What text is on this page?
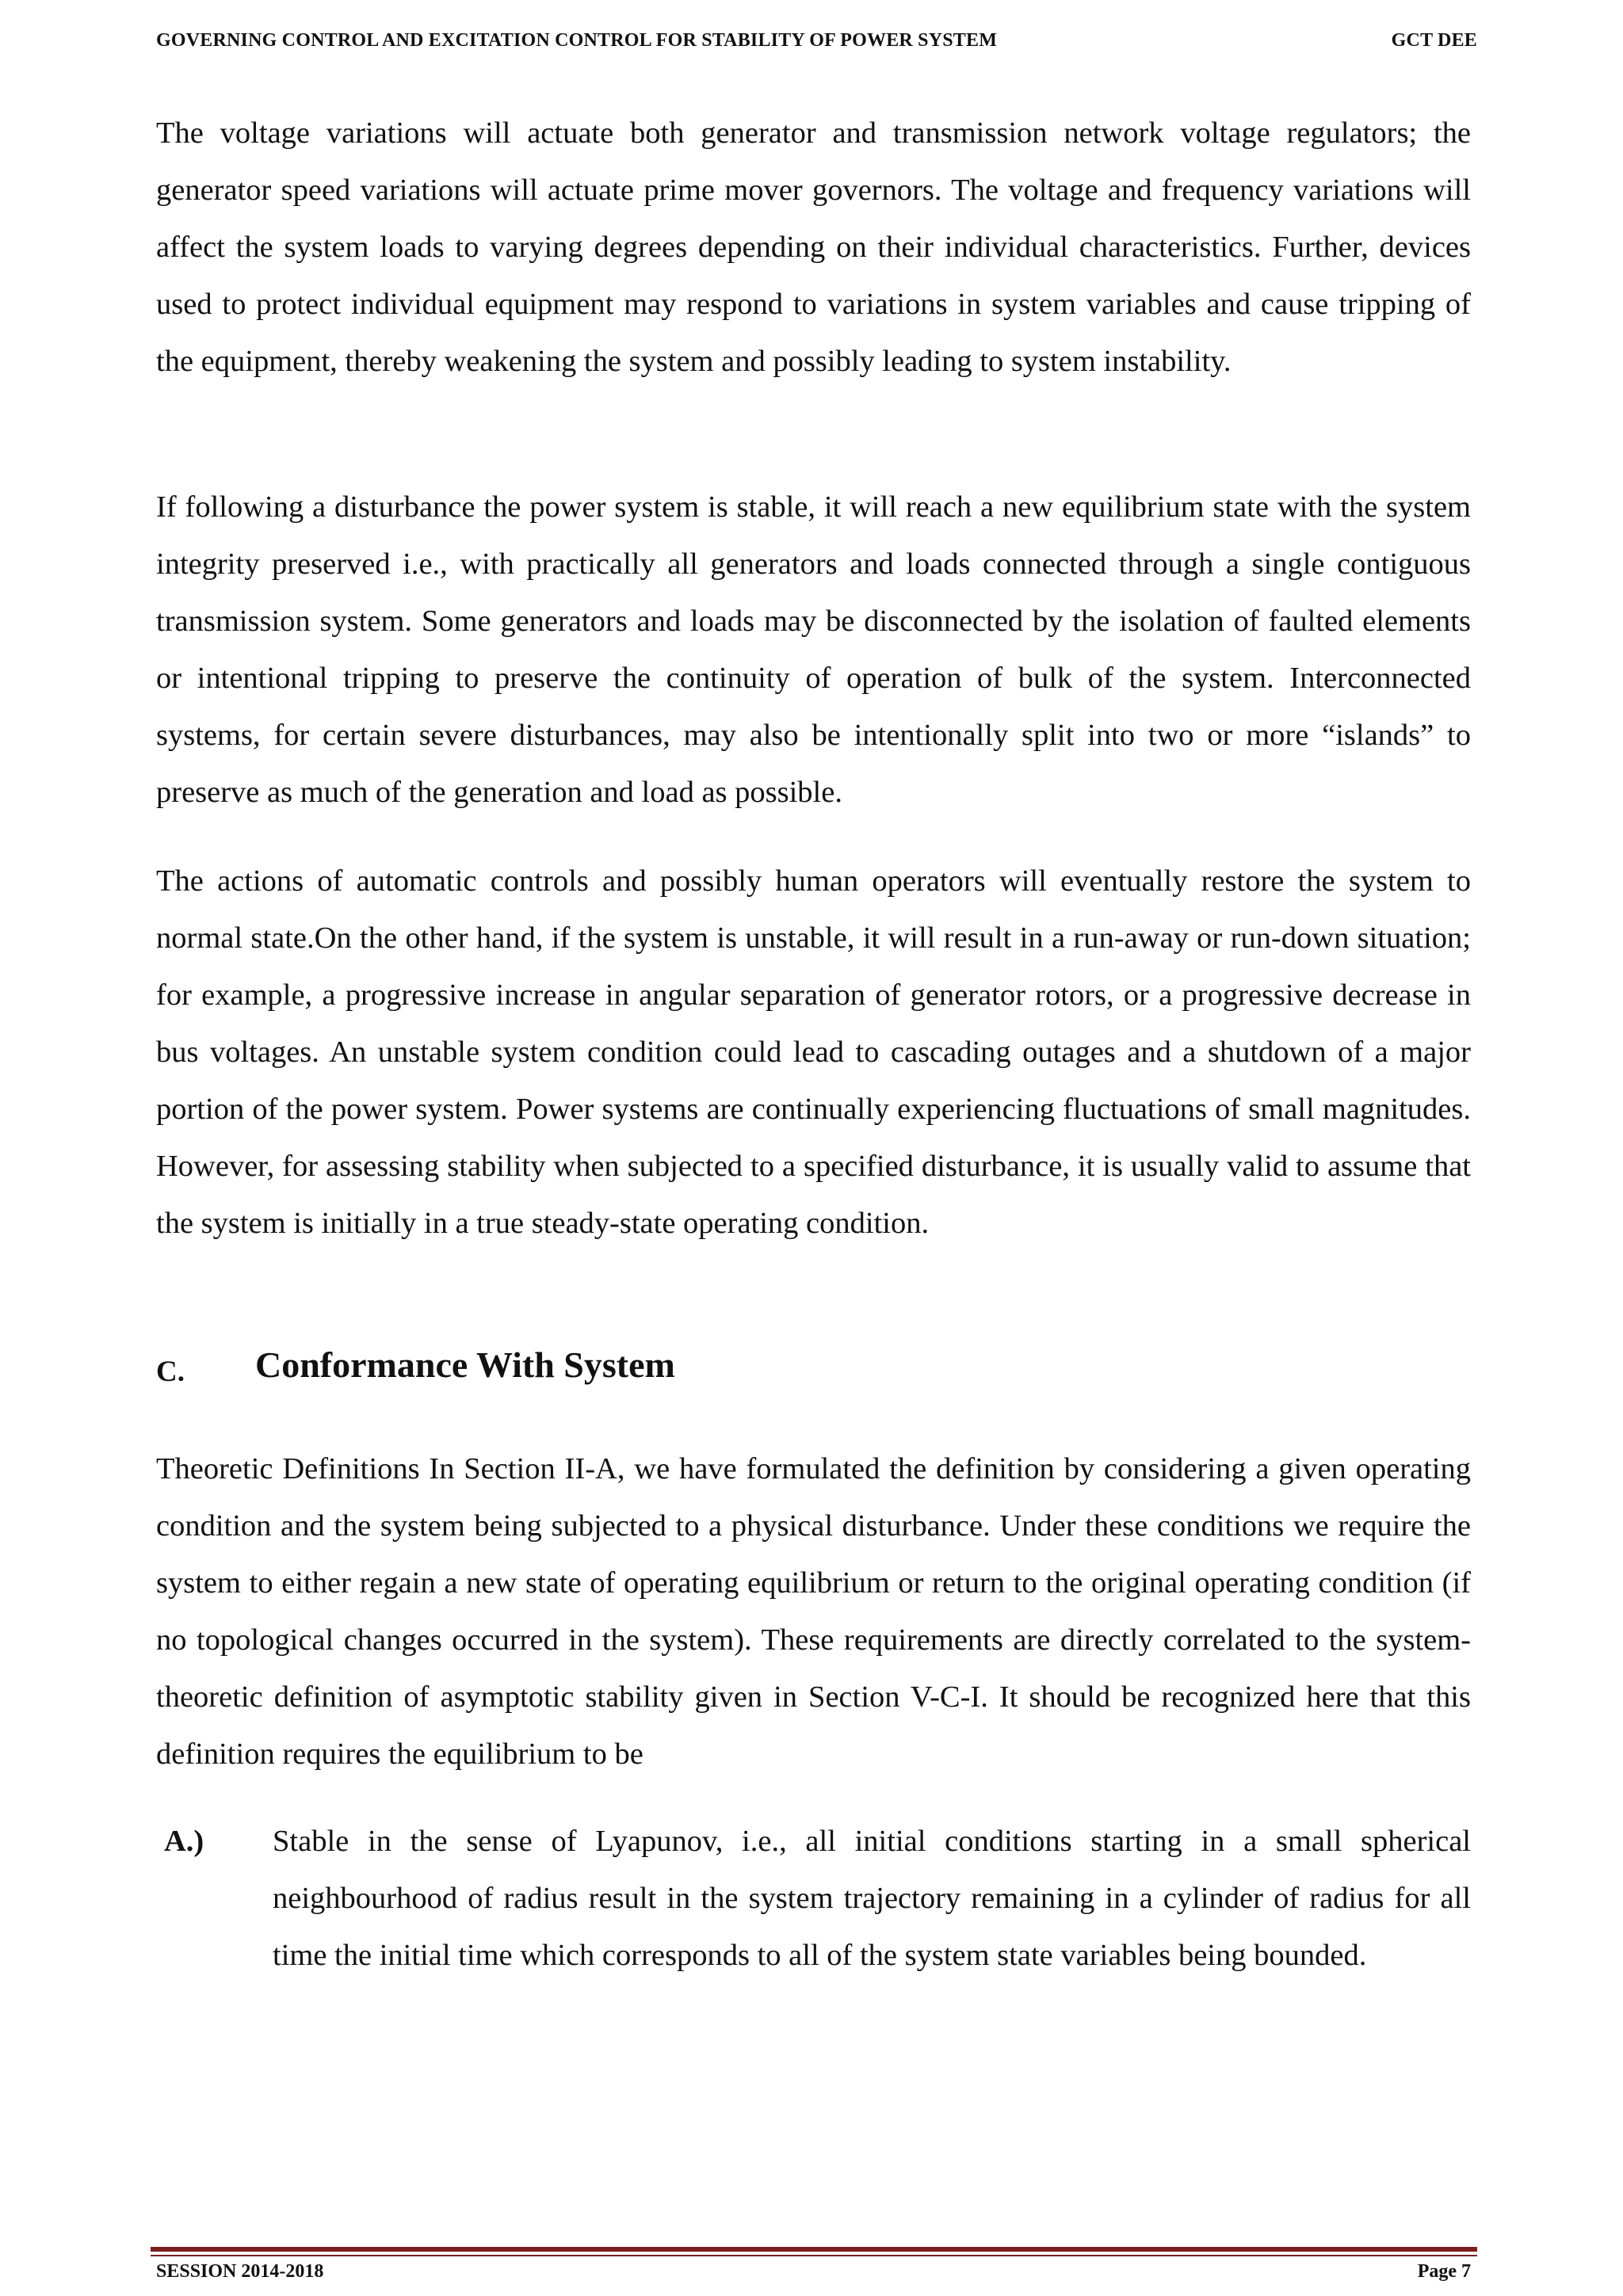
GOVERNING CONTROL AND EXCITATION CONTROL FOR STABILITY OF POWER SYSTEM	GCT DEE

The voltage variations will actuate both generator and transmission network voltage regulators; the generator speed variations will actuate prime mover governors. The voltage and frequency variations will affect the system loads to varying degrees depending on their individual characteristics. Further, devices used to protect individual equipment may respond to variations in system variables and cause tripping of the equipment, thereby weakening the system and possibly leading to system instability.

If following a disturbance the power system is stable, it will reach a new equilibrium state with the system integrity preserved i.e., with practically all generators and loads connected through a single contiguous transmission system. Some generators and loads may be disconnected by the isolation of faulted elements or intentional tripping to preserve the continuity of operation of bulk of the system. Interconnected systems, for certain severe disturbances, may also be intentionally split into two or more “islands” to preserve as much of the generation and load as possible.

The actions of automatic controls and possibly human operators will eventually restore the system to normal state.On the other hand, if the system is unstable, it will result in a run-away or run-down situation; for example, a progressive increase in angular separation of generator rotors, or a progressive decrease in bus voltages. An unstable system condition could lead to cascading outages and a shutdown of a major portion of the power system. Power systems are continually experiencing fluctuations of small magnitudes. However, for assessing stability when subjected to a specified disturbance, it is usually valid to assume that the system is initially in a true steady-state operating condition.

C. Conformance With System

Theoretic Definitions In Section II-A, we have formulated the definition by considering a given operating condition and the system being subjected to a physical disturbance. Under these conditions we require the system to either regain a new state of operating equilibrium or return to the original operating condition (if no topological changes occurred in the system). These requirements are directly correlated to the system-theoretic definition of asymptotic stability given in Section V-C-I. It should be recognized here that this definition requires the equilibrium to be

A.) Stable in the sense of Lyapunov, i.e., all initial conditions starting in a small spherical neighbourhood of radius result in the system trajectory remaining in a cylinder of radius for all time the initial time which corresponds to all of the system state variables being bounded.

SESSION 2014-2018	Page 7
